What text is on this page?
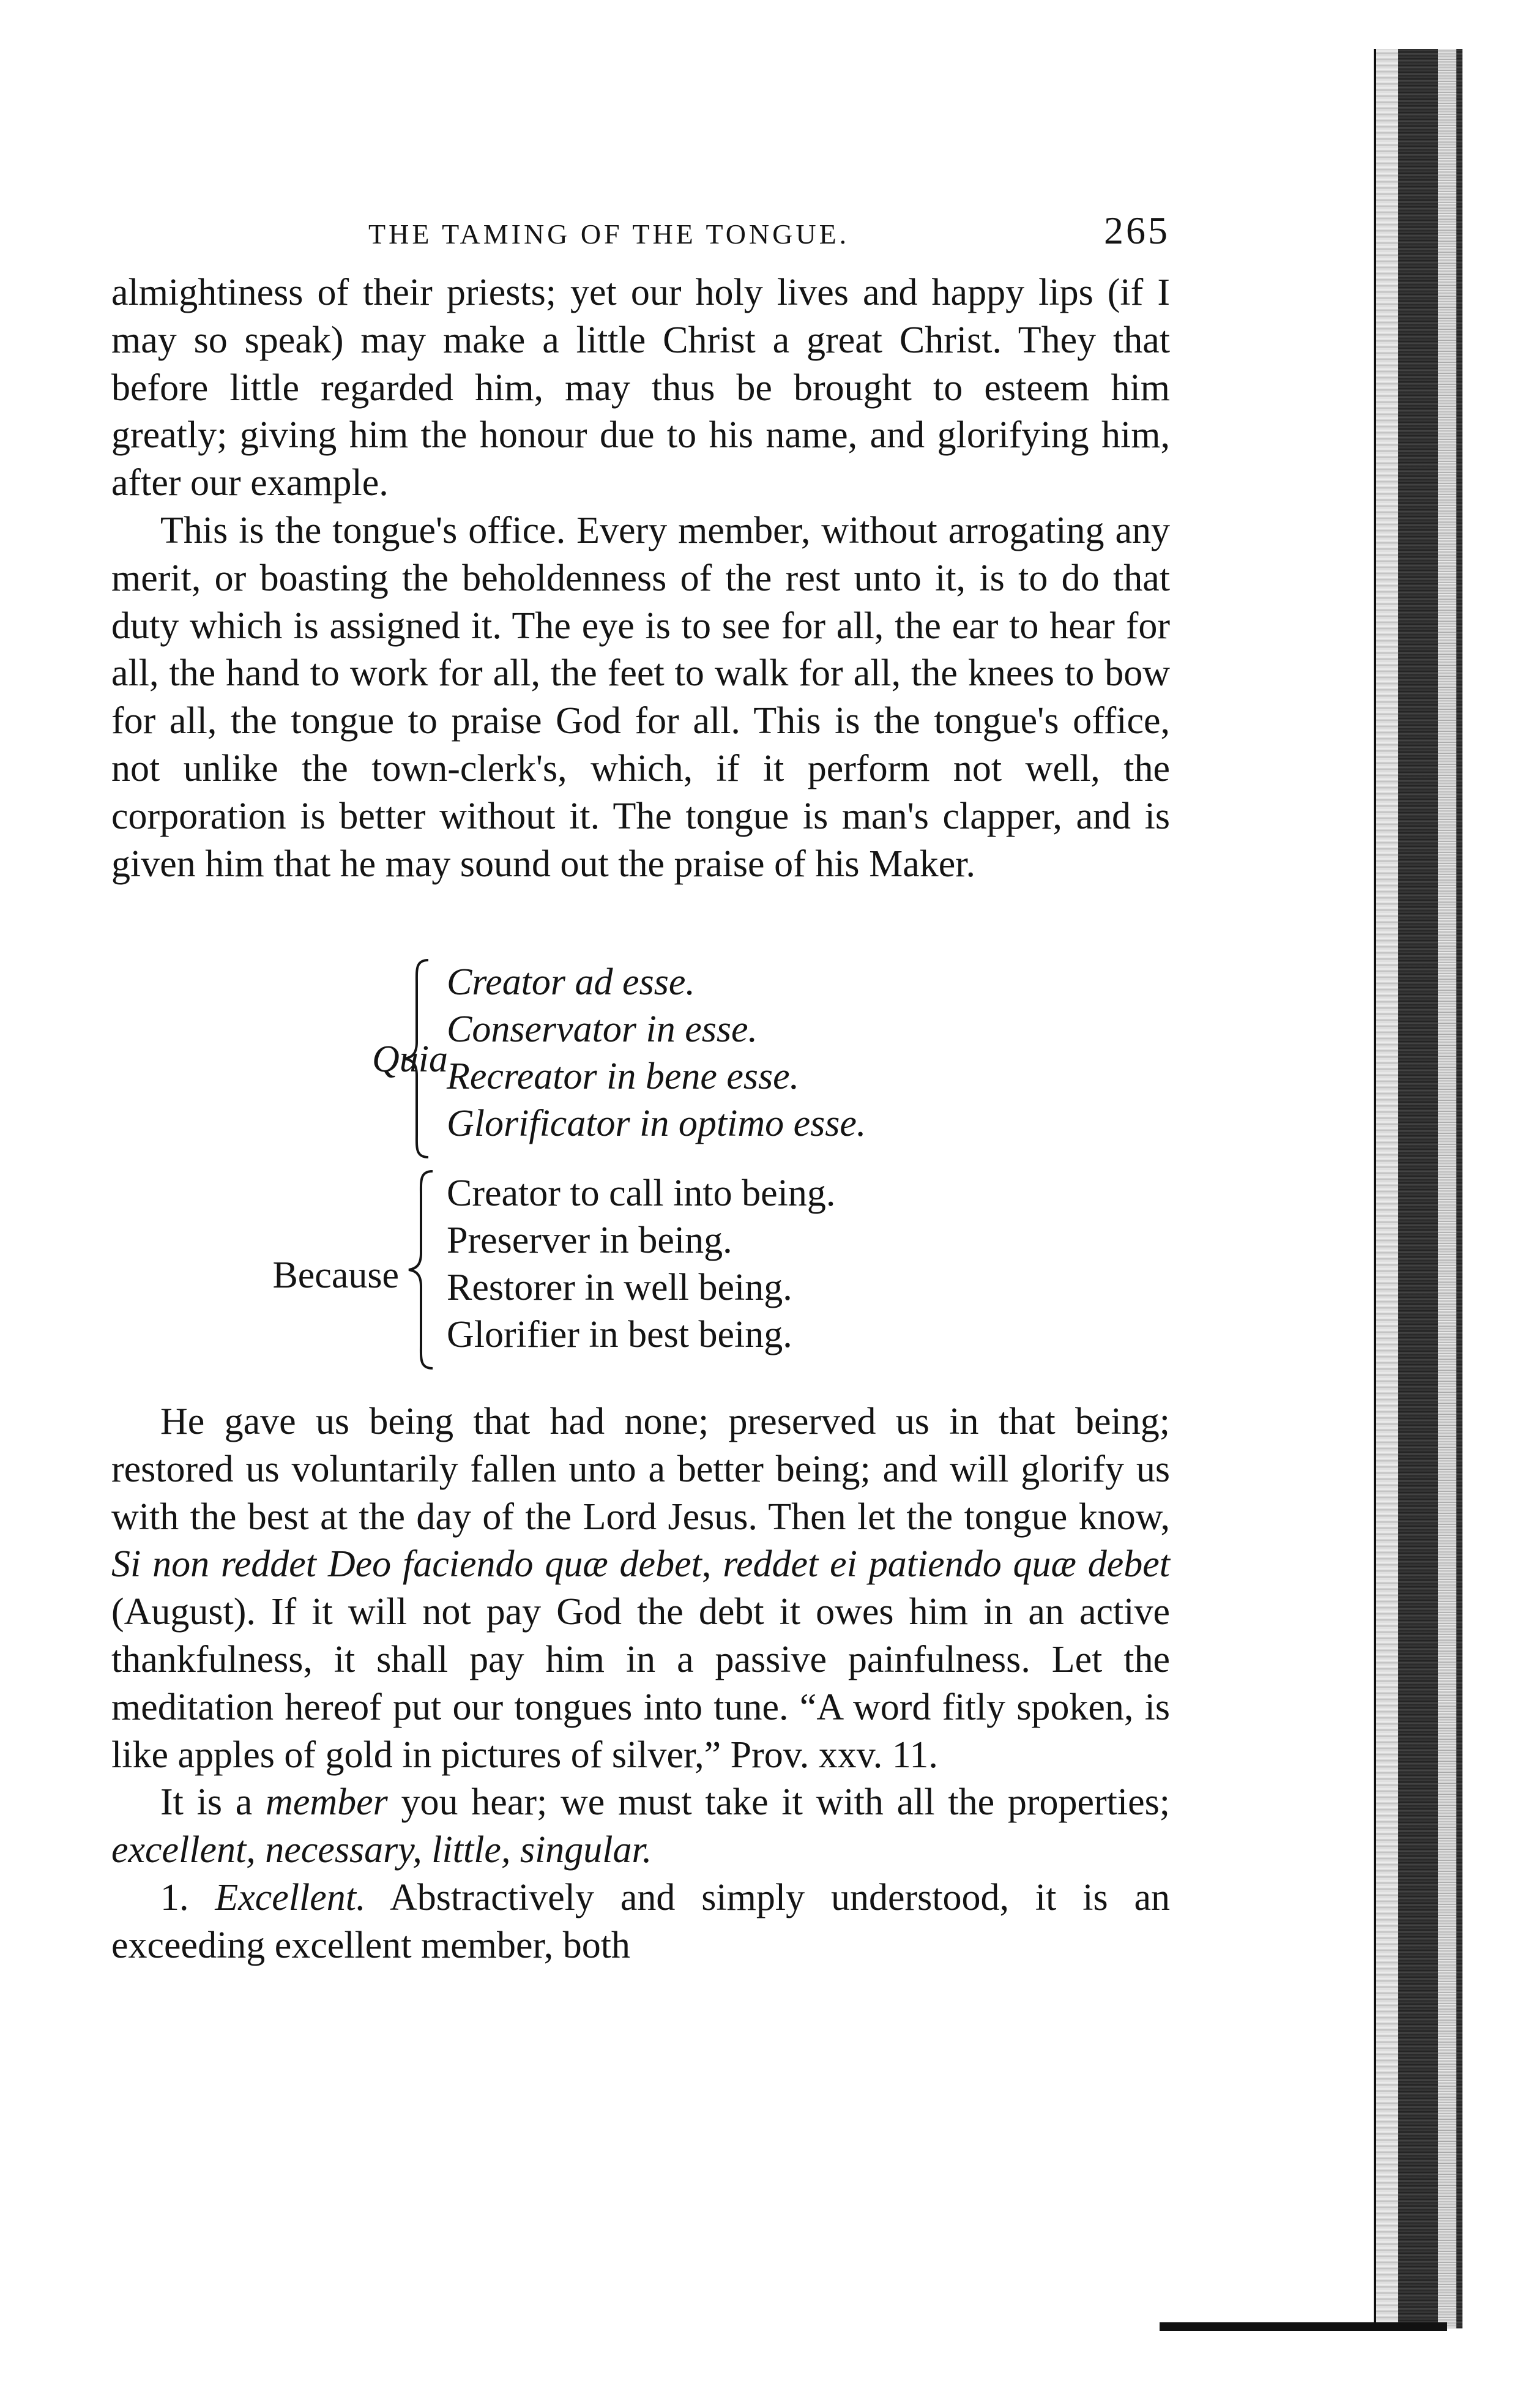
THE TAMING OF THE TONGUE.	265

almightiness of their priests; yet our holy lives and happy lips (if I may so speak) may make a little Christ a great Christ. They that before little regarded him, may thus be brought to esteem him greatly; giving him the honour due to his name, and glorifying him, after our example.

This is the tongue's office. Every member, without arrogating any merit, or boasting the beholdenness of the rest unto it, is to do that duty which is assigned it. The eye is to see for all, the ear to hear for all, the hand to work for all, the feet to walk for all, the knees to bow for all, the tongue to praise God for all. This is the tongue's office, not unlike the town-clerk's, which, if it perform not well, the corporation is better without it. The tongue is man's clapper, and is given him that he may sound out the praise of his Maker.

Quia
Creator ad esse.
Conservator in esse.
Recreator in bene esse.
Glorificator in optimo esse.
Because
Creator to call into being.
Preserver in being.
Restorer in well being.
Glorifier in best being.

He gave us being that had none; preserved us in that being; restored us voluntarily fallen unto a better being; and will glorify us with the best at the day of the Lord Jesus. Then let the tongue know, Si non reddet Deo faciendo quæ debet, reddet ei patiendo quæ debet (August). If it will not pay God the debt it owes him in an active thankfulness, it shall pay him in a passive painfulness. Let the meditation hereof put our tongues into tune. “A word fitly spoken, is like apples of gold in pictures of silver,” Prov. xxv. 11.

It is a member you hear; we must take it with all the properties; excellent, necessary, little, singular.

1. Excellent. Abstractively and simply understood, it is an exceeding excellent member, both
